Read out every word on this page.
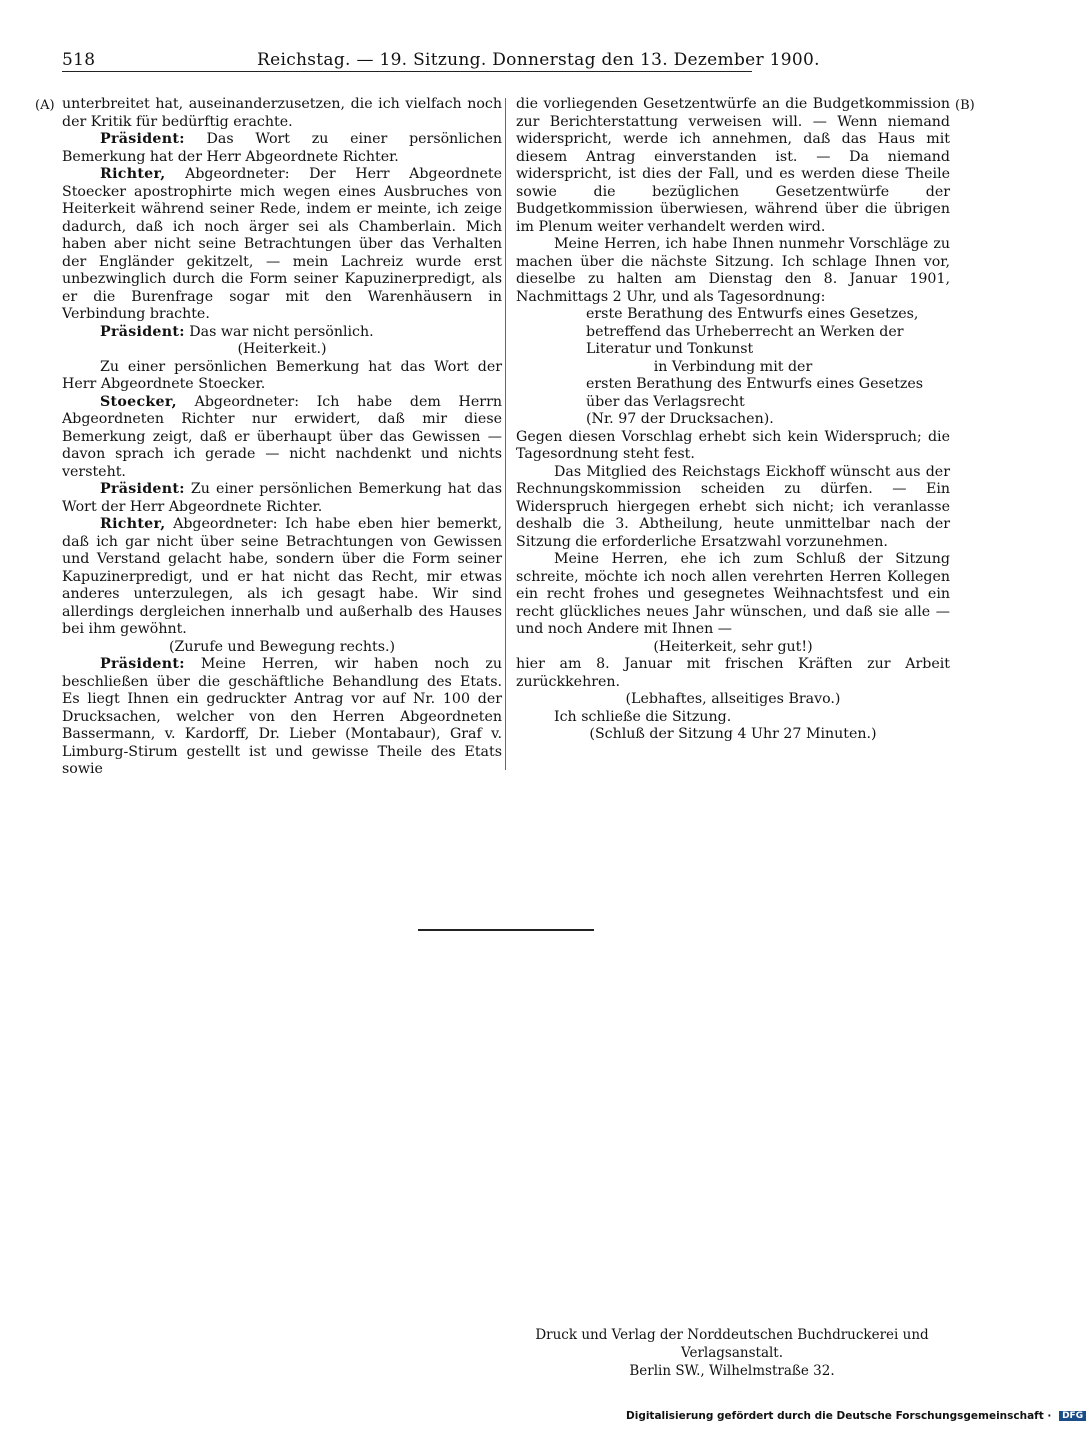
518	Reichstag. — 19. Sitzung. Donnerstag den 13. Dezember 1900.
(A)	(B)

unterbreitet hat, auseinanderzusetzen, die ich vielfach noch der Kritik für bedürftig erachte.

Präsident: Das Wort zu einer persönlichen Bemerkung hat der Herr Abgeordnete Richter.

Richter, Abgeordneter: Der Herr Abgeordnete Stoecker apostrophirte mich wegen eines Ausbruches von Heiterkeit während seiner Rede, indem er meinte, ich zeige dadurch, daß ich noch ärger sei als Chamberlain. Mich haben aber nicht seine Betrachtungen über das Verhalten der Engländer gekitzelt, — mein Lachreiz wurde erst unbezwinglich durch die Form seiner Kapuzinerpredigt, als er die Burenfrage sogar mit den Warenhäusern in Verbindung brachte.

Präsident: Das war nicht persönlich.

(Heiterkeit.)

Zu einer persönlichen Bemerkung hat das Wort der Herr Abgeordnete Stoecker.

Stoecker, Abgeordneter: Ich habe dem Herrn Abgeordneten Richter nur erwidert, daß mir diese Bemerkung zeigt, daß er überhaupt über das Gewissen — davon sprach ich gerade — nicht nachdenkt und nichts versteht.

Präsident: Zu einer persönlichen Bemerkung hat das Wort der Herr Abgeordnete Richter.

Richter, Abgeordneter: Ich habe eben hier bemerkt, daß ich gar nicht über seine Betrachtungen von Gewissen und Verstand gelacht habe, sondern über die Form seiner Kapuzinerpredigt, und er hat nicht das Recht, mir etwas anderes unterzulegen, als ich gesagt habe. Wir sind allerdings dergleichen innerhalb und außerhalb des Hauses bei ihm gewöhnt.

(Zurufe und Bewegung rechts.)

Präsident: Meine Herren, wir haben noch zu beschließen über die geschäftliche Behandlung des Etats. Es liegt Ihnen ein gedruckter Antrag vor auf Nr. 100 der Drucksachen, welcher von den Herren Abgeordneten Bassermann, v. Kardorff, Dr. Lieber (Montabaur), Graf v. Limburg-Stirum gestellt ist und gewisse Theile des Etats sowie

die vorliegenden Gesetzentwürfe an die Budgetkommission zur Berichterstattung verweisen will. — Wenn niemand widerspricht, werde ich annehmen, daß das Haus mit diesem Antrag einverstanden ist. — Da niemand widerspricht, ist dies der Fall, und es werden diese Theile sowie die bezüglichen Gesetzentwürfe der Budgetkommission überwiesen, während über die übrigen im Plenum weiter verhandelt werden wird.

Meine Herren, ich habe Ihnen nunmehr Vorschläge zu machen über die nächste Sitzung. Ich schlage Ihnen vor, dieselbe zu halten am Dienstag den 8. Januar 1901, Nachmittags 2 Uhr, und als Tagesordnung:

erste Berathung des Entwurfs eines Gesetzes, betreffend das Urheberrecht an Werken der Literatur und Tonkunst

in Verbindung mit der

ersten Berathung des Entwurfs eines Gesetzes über das Verlagsrecht

(Nr. 97 der Drucksachen).

Gegen diesen Vorschlag erhebt sich kein Widerspruch; die Tagesordnung steht fest.

Das Mitglied des Reichstags Eickhoff wünscht aus der Rechnungskommission scheiden zu dürfen. — Ein Widerspruch hiergegen erhebt sich nicht; ich veranlasse deshalb die 3. Abtheilung, heute unmittelbar nach der Sitzung die erforderliche Ersatzwahl vorzunehmen.

Meine Herren, ehe ich zum Schluß der Sitzung schreite, möchte ich noch allen verehrten Herren Kollegen ein recht frohes und gesegnetes Weihnachtsfest und ein recht glückliches neues Jahr wünschen, und daß sie alle — und noch Andere mit Ihnen —

(Heiterkeit, sehr gut!)

hier am 8. Januar mit frischen Kräften zur Arbeit zurückkehren.

(Lebhaftes, allseitiges Bravo.)

Ich schließe die Sitzung.

(Schluß der Sitzung 4 Uhr 27 Minuten.)

Druck und Verlag der Norddeutschen Buchdruckerei und Verlagsanstalt.
Berlin SW., Wilhelmstraße 32.
Digitalisierung gefördert durch die Deutsche Forschungsgemeinschaft · DFG
